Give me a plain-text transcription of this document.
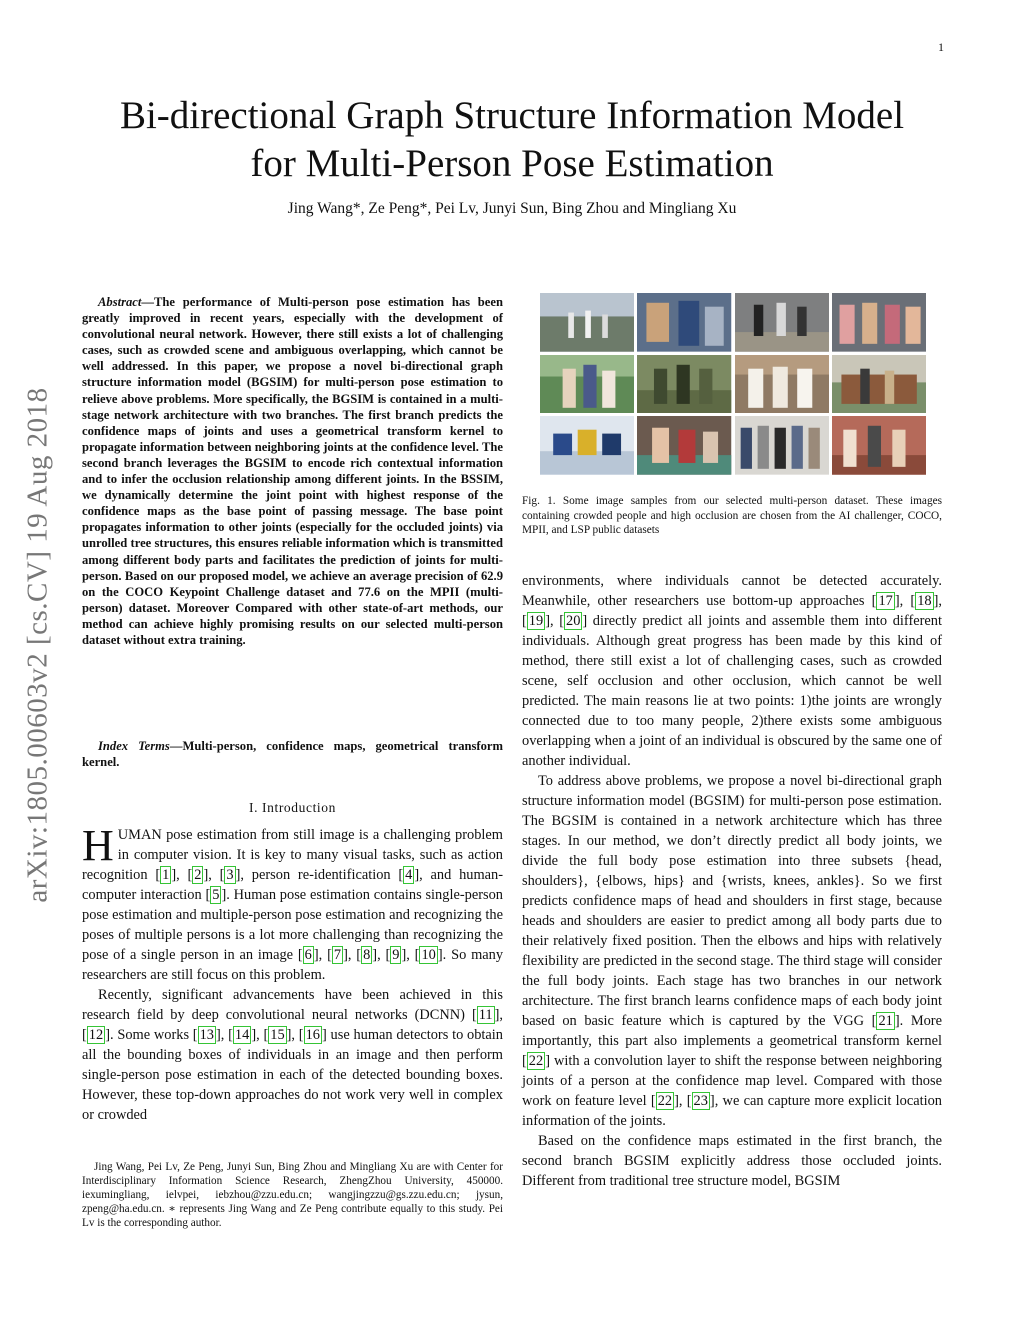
1
arXiv:1805.00603v2 [cs.CV] 19 Aug 2018
Bi-directional Graph Structure Information Model
for Multi-Person Pose Estimation
Jing Wang*, Ze Peng*, Pei Lv, Junyi Sun, Bing Zhou and Mingliang Xu
Abstract—The performance of Multi-person pose estimation has been greatly improved in recent years, especially with the development of convolutional neural network. However, there still exists a lot of challenging cases, such as crowded scene and ambiguous overlapping, which cannot be well addressed. In this paper, we propose a novel bi-directional graph structure information model (BGSIM) for multi-person pose estimation to relieve above problems. More specifically, the BGSIM is contained in a multi-stage network architecture with two branches. The first branch predicts the confidence maps of joints and uses a geometrical transform kernel to propagate information between neighboring joints at the confidence level. The second branch leverages the BGSIM to encode rich contextual information and to infer the occlusion relationship among different joints. In the BSSIM, we dynamically determine the joint point with highest response of the confidence maps as the base point of passing message. The base point propagates information to other joints (especially for the occluded joints) via unrolled tree structures, this ensures reliable information which is transmitted among different body parts and facilitates the prediction of joints for multi-person. Based on our proposed model, we achieve an average precision of 62.9 on the COCO Keypoint Challenge dataset and 77.6 on the MPII (multi-person) dataset. Moreover Compared with other state-of-art methods, our method can achieve highly promising results on our selected multi-person dataset without extra training.
Index Terms—Multi-person, confidence maps, geometrical transform kernel.
I. Introduction

HUMAN pose estimation from still image is a challenging problem in computer vision. It is key to many visual tasks, such as action recognition [ 1 ], [ 2 ], [ 3 ], person re-identification [ 4 ], and human-computer interaction [ 5 ]. Human pose estimation contains single-person pose estimation and multiple-person pose estimation and recognizing the poses of multiple persons is a lot more challenging than recognizing the pose of a single person in an image [ 6 ], [ 7 ], [ 8 ], [ 9 ], [ 10 ]. So many researchers are still focus on this problem.

Recently, significant advancements have been achieved in this research field by deep convolutional neural networks (DCNN) [ 11 ], [ 12 ]. Some works [ 13 ], [ 14 ], [ 15 ], [ 16 ] use human detectors to obtain all the bounding boxes of individuals in an image and then perform single-person pose estimation in each of the detected bounding boxes. However, these top-down approaches do not work very well in complex or crowded

Jing Wang, Pei Lv, Ze Peng, Junyi Sun, Bing Zhou and Mingliang Xu are with Center for Interdisciplinary Information Science Research, ZhengZhou University, 450000. iexumingliang, ielvpei, iebzhou@zzu.edu.cn; wangjingzzu@gs.zzu.edu.cn; jysun, zpeng@ha.edu.cn. ∗ represents Jing Wang and Ze Peng contribute equally to this study. Pei Lv is the corresponding author.
Fig. 1. Some image samples from our selected multi-person dataset. These images containing crowded people and high occlusion are chosen from the AI challenger, COCO, MPII, and LSP public datasets

environments, where individuals cannot be detected accurately. Meanwhile, other researchers use bottom-up approaches [ 17 ], [ 18 ], [ 19 ], [ 20 ] directly predict all joints and assemble them into different individuals. Although great progress has been made by this kind of method, there still exist a lot of challenging cases, such as crowded scene, self occlusion and other occlusion, which cannot be well predicted. The main reasons lie at two points: 1)the joints are wrongly connected due to too many people, 2)there exists some ambiguous overlapping when a joint of an individual is obscured by the same one of another individual.

To address above problems, we propose a novel bi-directional graph structure information model (BGSIM) for multi-person pose estimation. The BGSIM is contained in a network architecture which has three stages. In our method, we don’t directly predict all body joints, we divide the full body pose estimation into three subsets {head, shoulders}, {elbows, hips} and {wrists, knees, ankles}. So we first predicts confidence maps of head and shoulders in first stage, because heads and shoulders are easier to predict among all body parts due to their relatively fixed position. Then the elbows and hips with relatively flexibility are predicted in the second stage. The third stage will consider the full body joints. Each stage has two branches in our network architecture. The first branch learns confidence maps of each body joint based on basic feature which is captured by the VGG [ 21 ]. More importantly, this part also implements a geometrical transform kernel [ 22 ] with a convolution layer to shift the response between neighboring joints of a person at the confidence map level. Compared with those work on feature level [ 22 ], [ 23 ], we can capture more explicit location information of the joints.

Based on the confidence maps estimated in the first branch, the second branch BGSIM explicitly address those occluded joints. Different from traditional tree structure model, BGSIM
